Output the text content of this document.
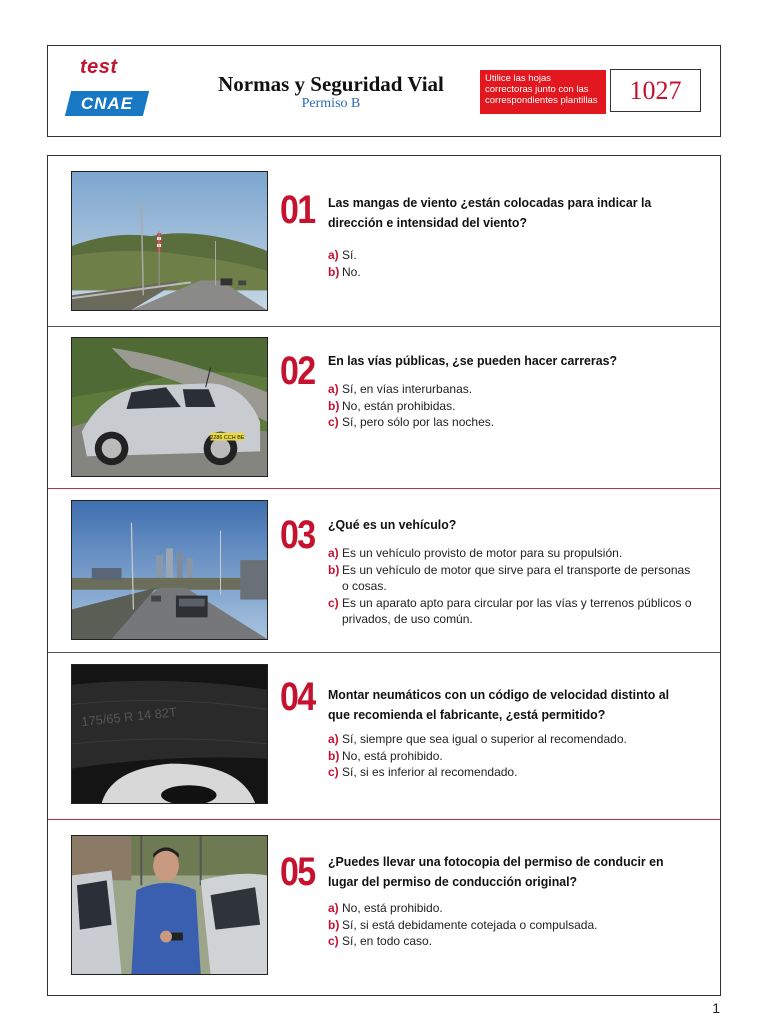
test
CNAE
Normas y Seguridad Vial
Permiso B
Utilice las hojas correctoras junto con las correspondientes plantillas	1027
01 Las mangas de viento ¿están colocadas para indicar la dirección e intensidad del viento?
a) Sí.
b) No.
2286 CCH BE
02 En las vías públicas, ¿se pueden hacer carreras?
a) Sí, en vías interurbanas.
b) No, están prohibidas.
c) Sí, pero sólo por las noches.
03 ¿Qué es un vehículo?
a) Es un vehículo provisto de motor para su propulsión.
b) Es un vehículo de motor que sirve para el transporte de personas o cosas.
c) Es un aparato apto para circular por las vías y terrenos públicos o privados, de uso común.
175/65 R 14 82T	04 Montar neumáticos con un código de velocidad distinto al que recomienda el fabricante, ¿está permitido?
a) Sí, siempre que sea igual o superior al recomendado.
b) No, está prohibido.
c) Sí, si es inferior al recomendado.
05 ¿Puedes llevar una fotocopia del permiso de conducir en lugar del permiso de conducción original?
a) No, está prohibido.
b) Sí, si está debidamente cotejada o compulsada.
c) Sí, en todo caso.
1
